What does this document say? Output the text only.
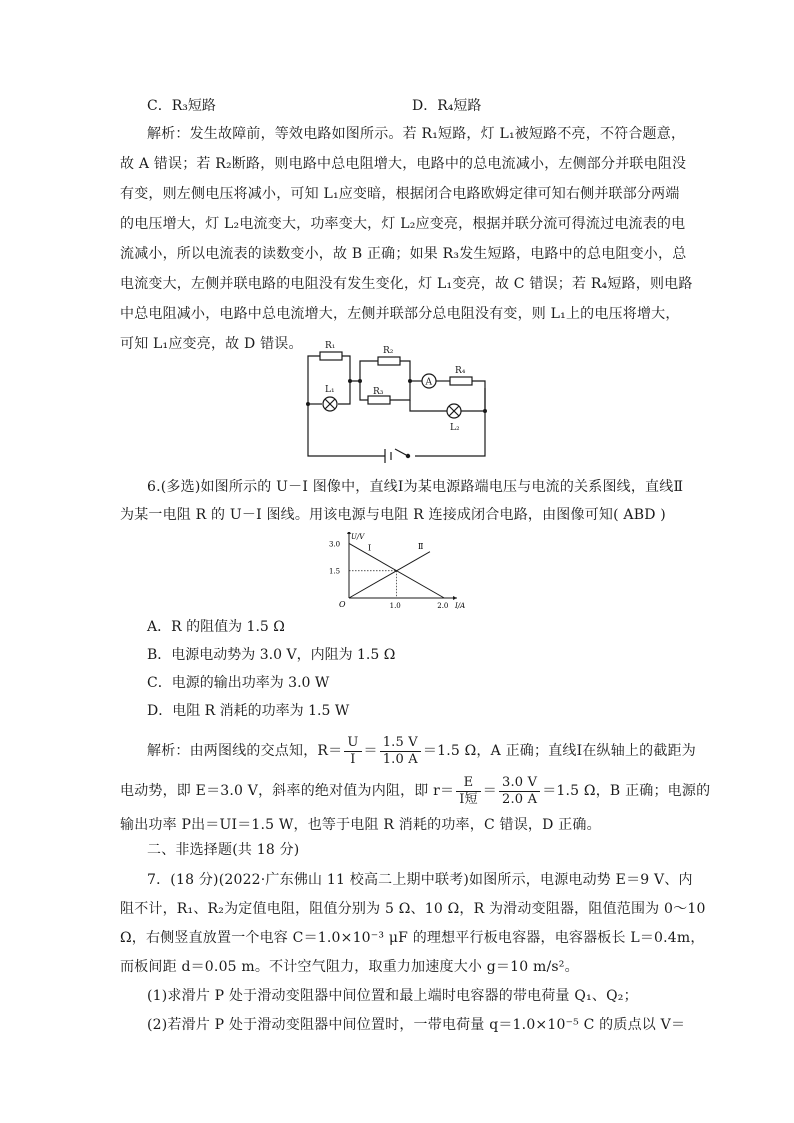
C．R₃短路	D．R₄短路
解析：发生故障前，等效电路如图所示。若 R₁短路，灯 L₁被短路不亮，不符合题意，
故 A 错误；若 R₂断路，则电路中总电阻增大，电路中的总电流减小，左侧部分并联电阻没
有变，则左侧电压将减小，可知 L₁应变暗，根据闭合电路欧姆定律可知右侧并联部分两端
的电压增大，灯 L₂电流变大，功率变大，灯 L₂应变亮，根据并联分流可得流过电流表的电
流减小，所以电流表的读数变小，故 B 正确；如果 R₃发生短路，电路中的总电阻变小，总
电流变大，左侧并联电路的电阻没有发生变化，灯 L₁变亮，故 C 错误；若 R₄短路，则电路
中总电阻减小，电路中总电流增大，左侧并联部分总电阻没有变，则 L₁上的电压将增大，
可知 L₁应变亮，故 D 错误。 R₁	R₂
R₃
R₄
L₁
L₂
A
6.(多选)如图所示的 U－I 图像中，直线Ⅰ为某电源路端电压与电流的关系图线，直线Ⅱ
为某一电阻 R 的 U－I 图线。用该电源与电阻 R 连接成闭合电路，由图像可知( ABD )
O	I/A
U/V
1.0	2.0
1.5
3.0	Ⅰ	Ⅱ
A．R 的阻值为 1.5 Ω
B．电源电动势为 3.0 V，内阻为 1.5 Ω
C．电源的输出功率为 3.0 W
D．电阻 R 消耗的功率为 1.5 W
解析：由两图线的交点知，$R= \frac{U}{I} = \frac{1.5 V}{1.0 A} =1.5$ Ω，A 正确；直线Ⅰ在纵轴上的截距为
电动势，即 E＝3.0 V，斜率的绝对值为内阻，即 $r= \frac{E}{\text{I短}} = \frac{3.0 V}{2.0 A} =1.5$ Ω，B 正确；电源的
输出功率 P出＝UI＝1.5 W，也等于电阻 R 消耗的功率，C 错误，D 正确。
二、非选择题(共 18 分)
7．(18 分)(2022·广东佛山 11 校高二上期中联考)如图所示，电源电动势 E＝9 V、内
阻不计，R₁、R₂为定值电阻，阻值分别为 5 Ω、10 Ω，R 为滑动变阻器，阻值范围为 0～10
Ω，右侧竖直放置一个电容 C＝1.0×10⁻³ μF 的理想平行板电容器，电容器板长 L＝0.4m，
而板间距 d＝0.05 m。不计空气阻力，取重力加速度大小 g＝10 m/s²。
(1)求滑片 P 处于滑动变阻器中间位置和最上端时电容器的带电荷量 Q₁、Q₂；
(2)若滑片 P 处于滑动变阻器中间位置时，一带电荷量 q＝1.0×10⁻⁵ C 的质点以 V＝
